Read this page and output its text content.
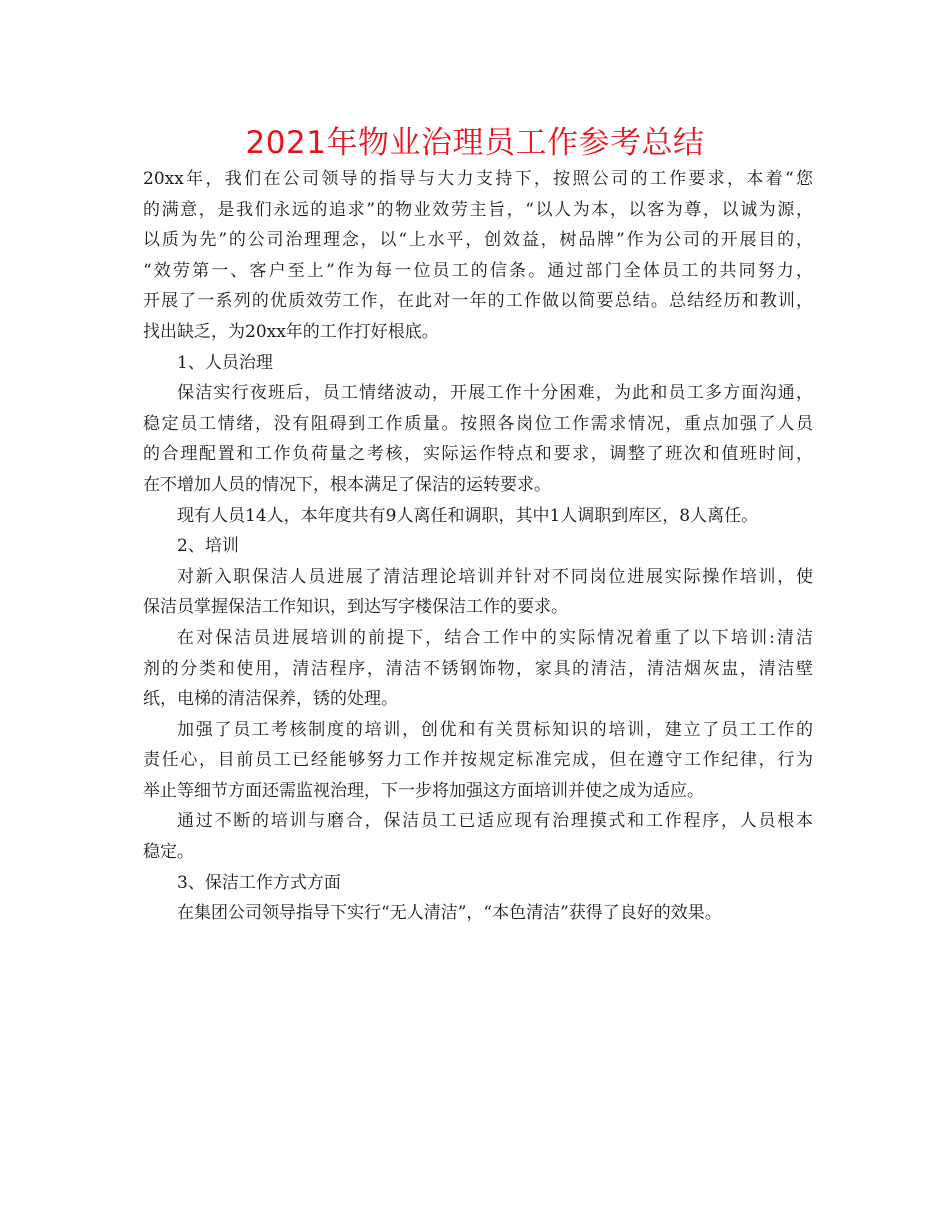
2021年物业治理员工作参考总结
20xx年，我们在公司领导的指导与大力支持下，按照公司的工作要求，本着“您
的满意，是我们永远的追求”的物业效劳主旨，“以人为本，以客为尊，以诚为源，
以质为先”的公司治理理念，以“上水平，创效益，树品牌”作为公司的开展目的，
“效劳第一、客户至上”作为每一位员工的信条。通过部门全体员工的共同努力，
开展了一系列的优质效劳工作，在此对一年的工作做以简要总结。总结经历和教训，
找出缺乏，为20xx年的工作打好根底。
1、人员治理
保洁实行夜班后，员工情绪波动，开展工作十分困难，为此和员工多方面沟通，
稳定员工情绪，没有阻碍到工作质量。按照各岗位工作需求情况，重点加强了人员
的合理配置和工作负荷量之考核，实际运作特点和要求，调整了班次和值班时间，
在不增加人员的情况下，根本满足了保洁的运转要求。
现有人员14人，本年度共有9人离任和调职，其中1人调职到库区，8人离任。
2、培训
对新入职保洁人员进展了清洁理论培训并针对不同岗位进展实际操作培训，使
保洁员掌握保洁工作知识，到达写字楼保洁工作的要求。
在对保洁员进展培训的前提下，结合工作中的实际情况着重了以下培训:清洁
剂的分类和使用，清洁程序，清洁不锈钢饰物，家具的清洁，清洁烟灰盅，清洁壁
纸，电梯的清洁保养，锈的处理。
加强了员工考核制度的培训，创优和有关贯标知识的培训，建立了员工工作的
责任心，目前员工已经能够努力工作并按规定标准完成，但在遵守工作纪律，行为
举止等细节方面还需监视治理，下一步将加强这方面培训并使之成为适应。
通过不断的培训与磨合，保洁员工已适应现有治理摸式和工作程序，人员根本
稳定。
3、保洁工作方式方面
在集团公司领导指导下实行“无人清洁”，“本色清洁”获得了良好的效果。
